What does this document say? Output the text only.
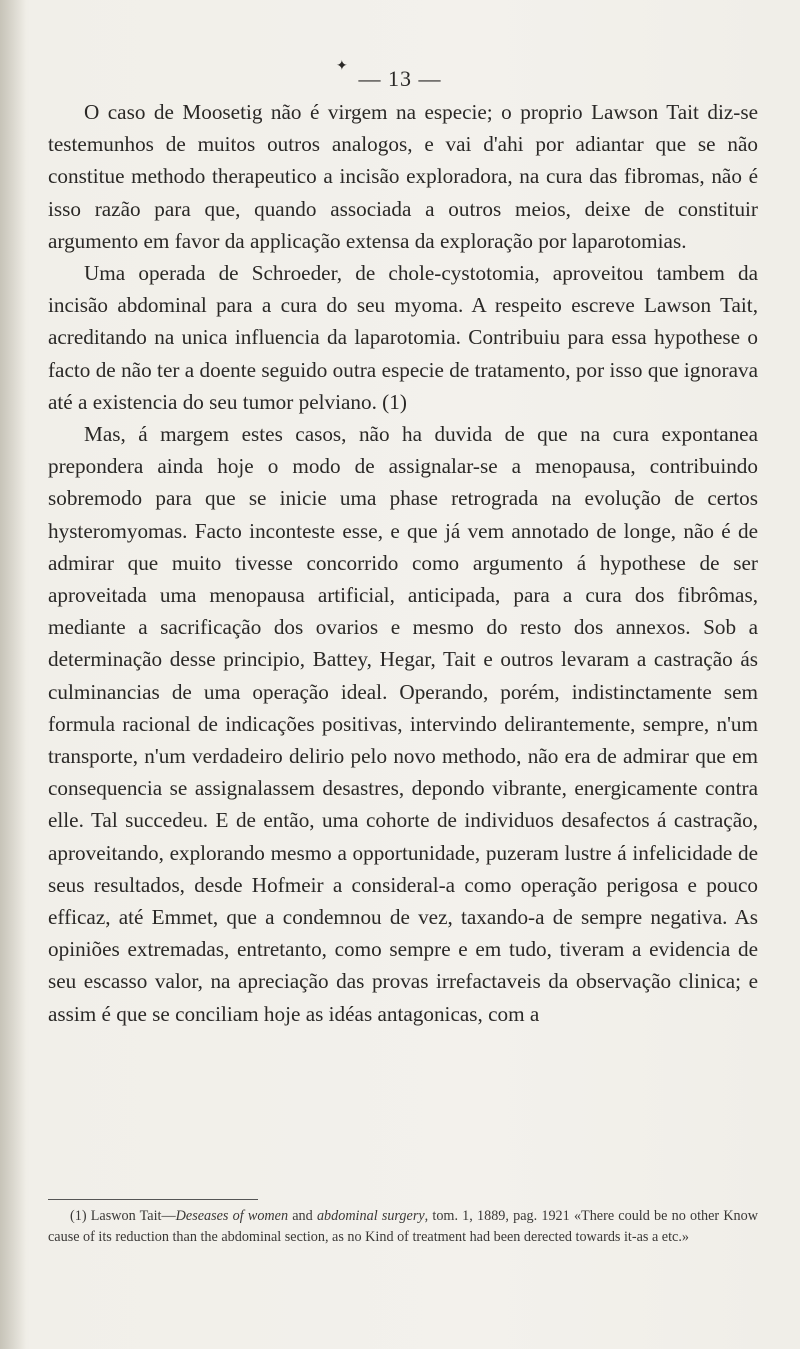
✦ — 13 —

O caso de Moosetig não é virgem na especie; o proprio Lawson Tait diz-se testemunhos de muitos outros analogos, e vai d'ahi por adiantar que se não constitue methodo therapeutico a incisão exploradora, na cura das fibromas, não é isso razão para que, quando associada a outros meios, deixe de constituir argumento em favor da applicação extensa da exploração por laparotomias.

Uma operada de Schroeder, de chole-cystotomia, aproveitou tambem da incisão abdominal para a cura do seu myoma. A respeito escreve Lawson Tait, acreditando na unica influencia da laparotomia. Contribuiu para essa hypothese o facto de não ter a doente seguido outra especie de tratamento, por isso que ignorava até a existencia do seu tumor pelviano. (1)

Mas, á margem estes casos, não ha duvida de que na cura expontanea prepondera ainda hoje o modo de assignalar-se a menopausa, contribuindo sobremodo para que se inicie uma phase retrograda na evolução de certos hysteromyomas. Facto inconteste esse, e que já vem annotado de longe, não é de admirar que muito tivesse concorrido como argumento á hypothese de ser aproveitada uma menopausa artificial, anticipada, para a cura dos fibrômas, mediante a sacrificação dos ovarios e mesmo do resto dos annexos. Sob a determinação desse principio, Battey, Hegar, Tait e outros levaram a castração ás culminancias de uma operação ideal. Operando, porém, indistinctamente sem formula racional de indicações positivas, intervindo delirantemente, sempre, n'um transporte, n'um verdadeiro delirio pelo novo methodo, não era de admirar que em consequencia se assignalassem desastres, depondo vibrante, energicamente contra elle. Tal succedeu. E de então, uma cohorte de individuos desafectos á castração, aproveitando, explorando mesmo a opportunidade, puzeram lustre á infelicidade de seus resultados, desde Hofmeir a consideral-a como operação perigosa e pouco efficaz, até Emmet, que a condemnou de vez, taxando-a de sempre negativa. As opiniões extremadas, entretanto, como sempre e em tudo, tiveram a evidencia de seu escasso valor, na apreciação das provas irrefactaveis da observação clinica; e assim é que se conciliam hoje as idéas antagonicas, com a

(1) Laswon Tait—Deseases of women and abdominal surgery, tom. 1, 1889, pag. 1921 «There could be no other Know cause of its reduction than the abdominal section, as no Kind of treatment had been derected towards it-as a etc.»
